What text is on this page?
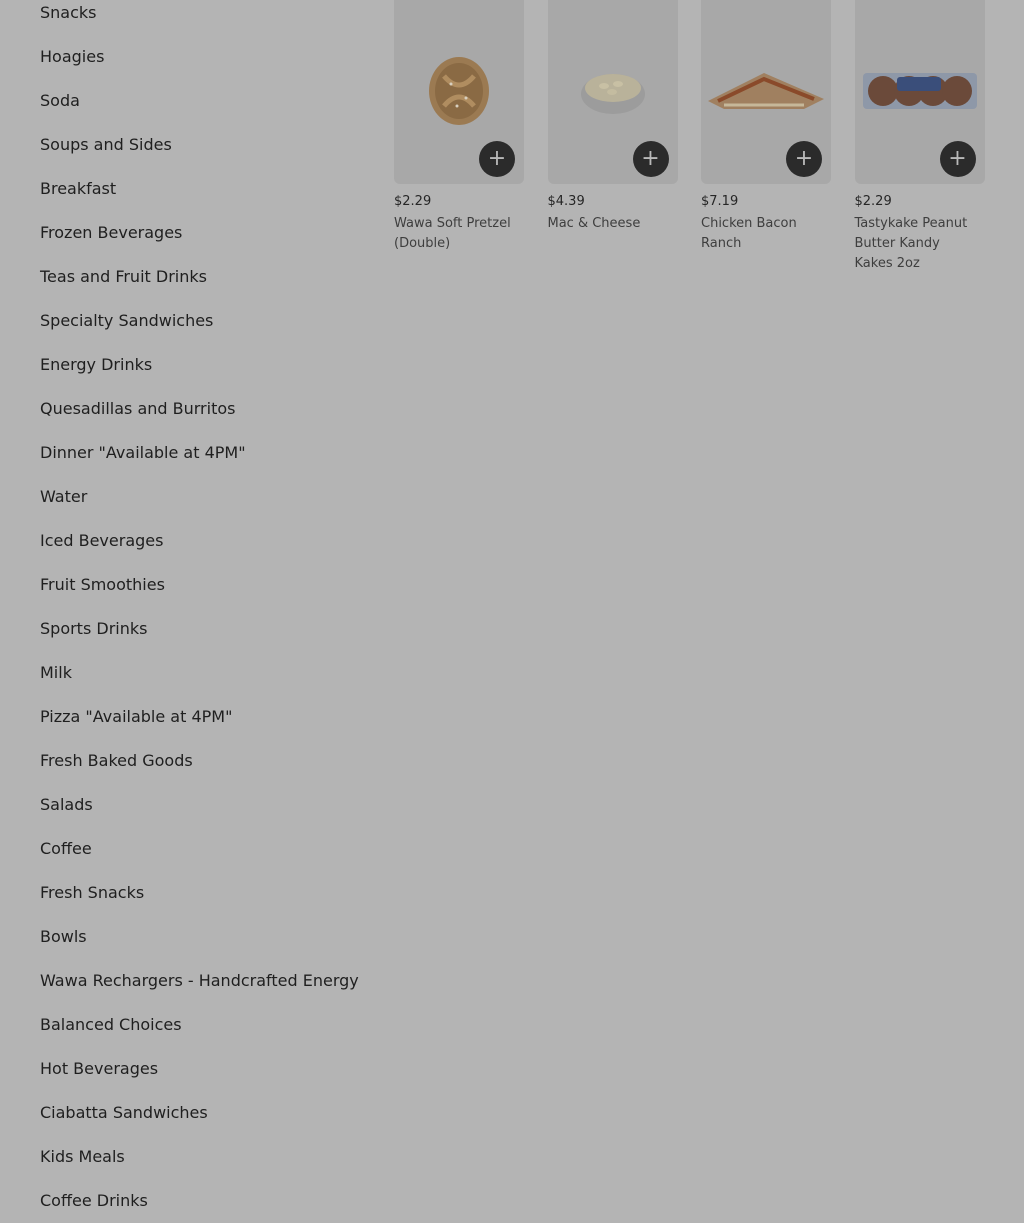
Snacks
Hoagies
Soda
Soups and Sides
Breakfast
Frozen Beverages
Teas and Fruit Drinks
Specialty Sandwiches
Energy Drinks
Quesadillas and Burritos
Dinner "Available at 4PM"
Water
Iced Beverages
Fruit Smoothies
Sports Drinks
Milk
Pizza "Available at 4PM"
Fresh Baked Goods
Salads
Coffee
Fresh Snacks
Bowls
Wawa Rechargers - Handcrafted Energy
Balanced Choices
Hot Beverages
Ciabatta Sandwiches
Kids Meals
Coffee Drinks
+
$2.29
Wawa Soft Pretzel (Double)
+
$4.39
Mac & Cheese
+
$7.19
Chicken Bacon Ranch
+
$2.29
Tastykake Peanut Butter Kandy Kakes 2oz
